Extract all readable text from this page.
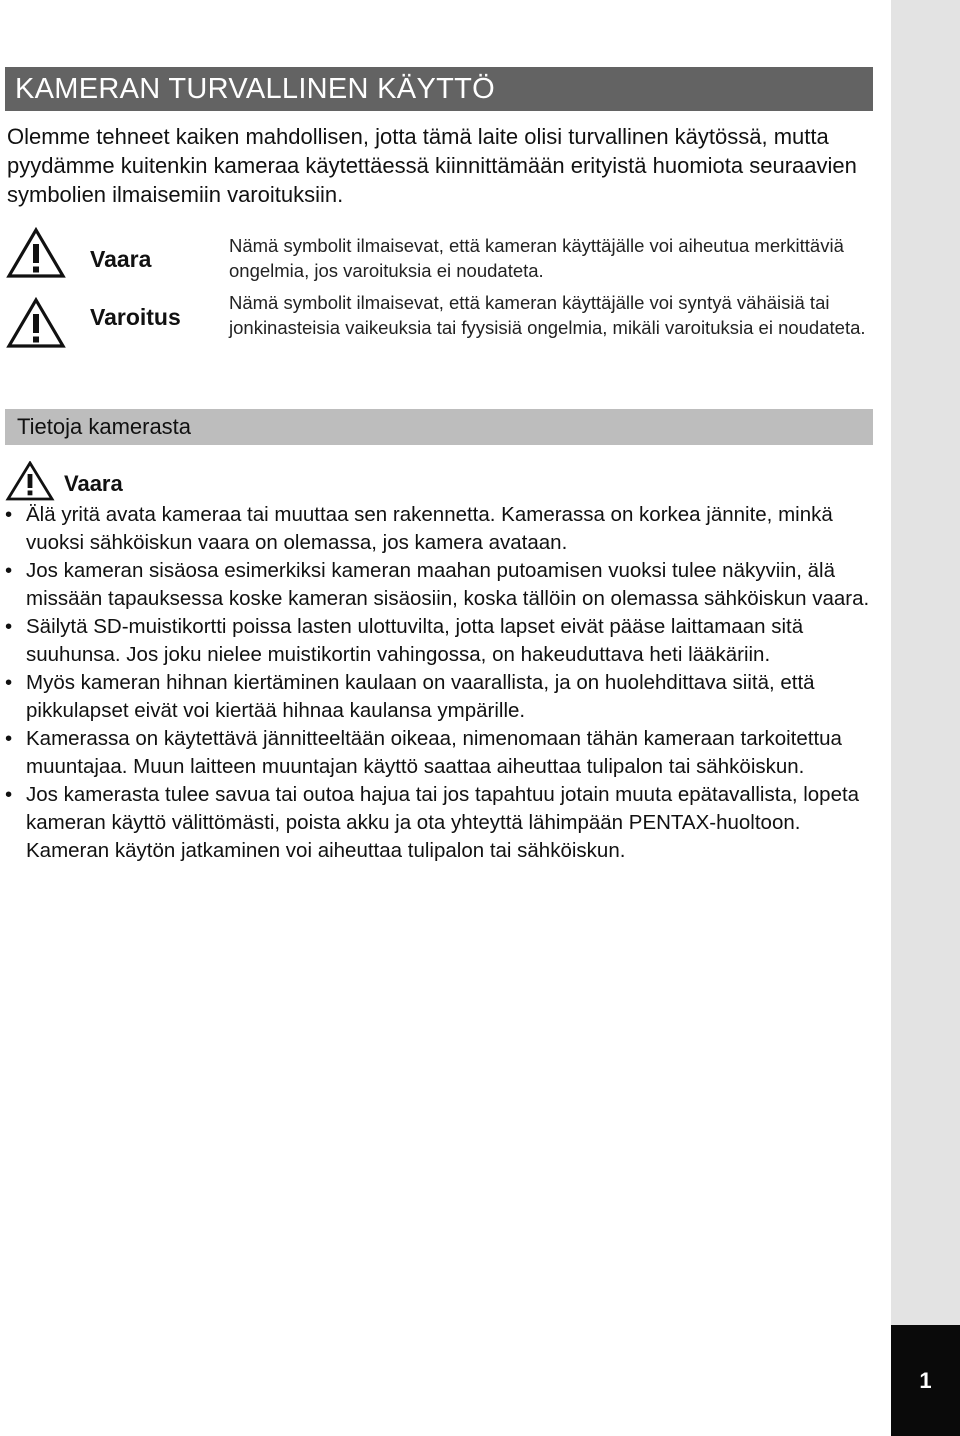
1
KAMERAN TURVALLINEN KÄYTTÖ

Olemme tehneet kaiken mahdollisen, jotta tämä laite olisi turvallinen käytössä, mutta pyydämme kuitenkin kameraa käytettäessä kiinnittämään erityistä huomiota seuraavien symbolien ilmaisemiin varoituksiin.

Vaara

Nämä symbolit ilmaisevat, että kameran käyttäjälle voi aiheutua merkittäviä ongelmia, jos varoituksia ei noudateta.

Varoitus

Nämä symbolit ilmaisevat, että kameran käyttäjälle voi syntyä vähäisiä tai jonkinasteisia vaikeuksia tai fyysisiä ongelmia, mikäli varoituksia ei noudateta.

Tietoja kamerasta
Vaara
• Älä yritä avata kameraa tai muuttaa sen rakennetta. Kamerassa on korkea jännite, minkä vuoksi sähköiskun vaara on olemassa, jos kamera avataan.
• Jos kameran sisäosa esimerkiksi kameran maahan putoamisen vuoksi tulee näkyviin, älä missään tapauksessa koske kameran sisäosiin, koska tällöin on olemassa sähköiskun vaara.
• Säilytä SD-muistikortti poissa lasten ulottuvilta, jotta lapset eivät pääse laittamaan sitä suuhunsa. Jos joku nielee muistikortin vahingossa, on hakeuduttava heti lääkäriin.
• Myös kameran hihnan kiertäminen kaulaan on vaarallista, ja on huolehdittava siitä, että pikkulapset eivät voi kiertää hihnaa kaulansa ympärille.
• Kamerassa on käytettävä jännitteeltään oikeaa, nimenomaan tähän kameraan tarkoitettua muuntajaa. Muun laitteen muuntajan käyttö saattaa aiheuttaa tulipalon tai sähköiskun.
• Jos kamerasta tulee savua tai outoa hajua tai jos tapahtuu jotain muuta epätavallista, lopeta kameran käyttö välittömästi, poista akku ja ota yhteyttä lähimpään PENTAX-huoltoon. Kameran käytön jatkaminen voi aiheuttaa tulipalon tai sähköiskun.
